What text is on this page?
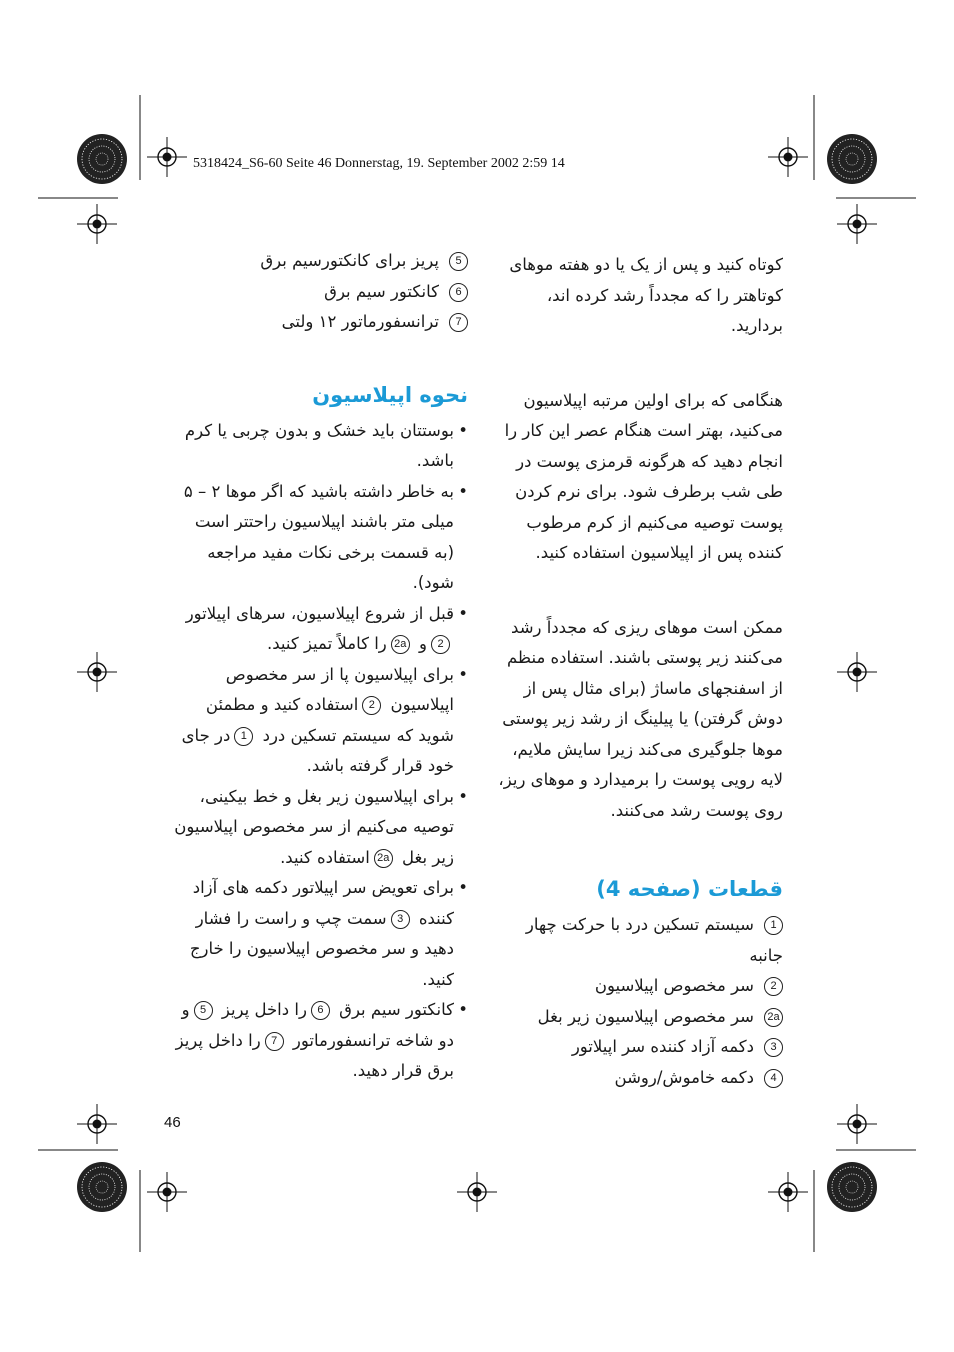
5318424_S6-60 Seite 46 Donnerstag, 19. September 2002 2:59 14

کوتاه کنید و پس از یک یا دو هفته موهای کوتاهتر را که مجدداً رشد کرده اند، بردارید.

هنگامی که برای اولین مرتبه اپیلاسیون می‌کنید، بهتر است هنگام عصر این کار را انجام دهید که هرگونه قرمزی پوست در طی شب برطرف شود. برای نرم کردن پوست توصیه می‌کنیم از کرم مرطوب کننده پس از اپیلاسیون استفاده کنید.

ممکن است موهای ریزی که مجدداً رشد می‌کنند زیر پوستی باشند. استفاده منظم از اسفنجهای ماساژ (برای مثال پس از دوش گرفتن) یا پیلینگ از رشد زیر پوستی موها جلوگیری می‌کند زیرا سایش ملایم، لایه رویی پوست را برمیدارد و موهای ریز، روی پوست رشد می‌کنند.

قطعات (صفحه 4)
1سیستم تسکین درد با حرکت چهار جانبه
2سر مخصوص اپیلاسیون
2aسر مخصوص اپیلاسیون زیر بغل
3دکمه آزاد کننده سر اپیلاتور
4دکمه خاموش/روشن
5پریز برای کانکتورسیم برق
6کانکتور سیم برق
7ترانسفورماتور ۱۲ ولتی
نحوه اپیلاسیون

• بوستتان باید خشک و بدون چربی یا کرم باشد.

• به خاطر داشته باشید که اگر موها ۲ – ۵ میلی متر باشند اپیلاسیون راحتتر است (به قسمت برخی نکات مفید مراجعه شود).

• قبل از شروع اپیلاسیون، سرهای اپیلاتور 2و 2aرا کاملاً تمیز کنید.

• برای اپیلاسیون پا از سر مخصوص اپیلاسیون 2استفاده کنید و مطمئن شوید که سیستم تسکین درد 1در جای خود قرار گرفته باشد.

• برای اپیلاسیون زیر بغل و خط بیکینی، توصیه می‌کنیم از سر مخصوص اپیلاسیون زیر بغل 2aاستفاده کنید.

• برای تعویض سر اپیلاتور دکمه های آزاد کننده 3سمت چپ و راست را فشار دهید و سر مخصوص اپیلاسیون را خارج کنید.

• کانکتور سیم برق 6را داخل پریز 5و دو شاخه ترانسفورماتور 7را داخل پریز برق قرار دهید.

46
